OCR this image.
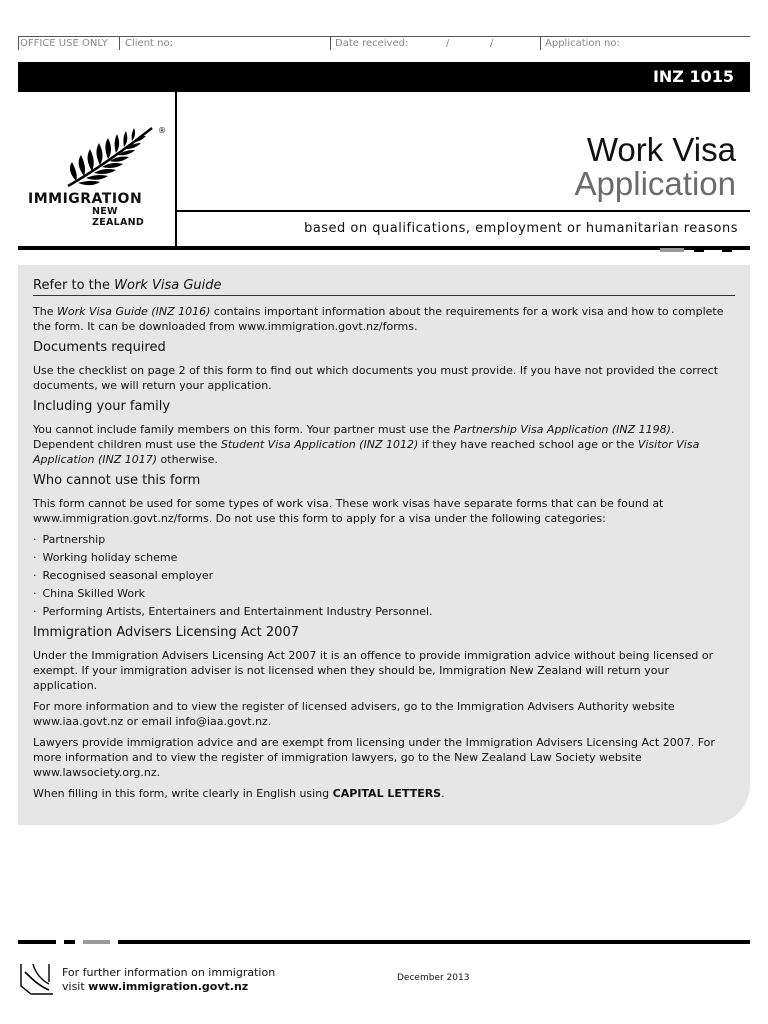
OFFICE USE ONLY Client no:	Date received:	/	/	Application no:
INZ 1015
®
IMMIGRATION
NEW ZEALAND
Work Visa
Application
based on qualifications, employment or humanitarian reasons
Refer to the Work Visa Guide

The Work Visa Guide (INZ 1016) contains important information about the requirements for a work visa and how to complete the form. It can be downloaded from www.immigration.govt.nz/forms.

Documents required

Use the checklist on page 2 of this form to find out which documents you must provide. If you have not provided the correct documents, we will return your application.

Including your family

You cannot include family members on this form. Your partner must use the Partnership Visa Application (INZ 1198). Dependent children must use the Student Visa Application (INZ 1012) if they have reached school age or the Visitor Visa Application (INZ 1017) otherwise.

Who cannot use this form

This form cannot be used for some types of work visa. These work visas have separate forms that can be found at www.immigration.govt.nz/forms. Do not use this form to apply for a visa under the following categories:

· Partnership
· Working holiday scheme
· Recognised seasonal employer
· China Skilled Work
· Performing Artists, Entertainers and Entertainment Industry Personnel.
Immigration Advisers Licensing Act 2007

Under the Immigration Advisers Licensing Act 2007 it is an offence to provide immigration advice without being licensed or exempt. If your immigration adviser is not licensed when they should be, Immigration New Zealand will return your application.

For more information and to view the register of licensed advisers, go to the Immigration Advisers Authority website www.iaa.govt.nz or email info@iaa.govt.nz.

Lawyers provide immigration advice and are exempt from licensing under the Immigration Advisers Licensing Act 2007. For more information and to view the register of immigration lawyers, go to the New Zealand Law Society website www.lawsociety.org.nz.

When filling in this form, write clearly in English using CAPITAL LETTERS.

For further information on immigration
visit www.immigration.govt.nz
December 2013
